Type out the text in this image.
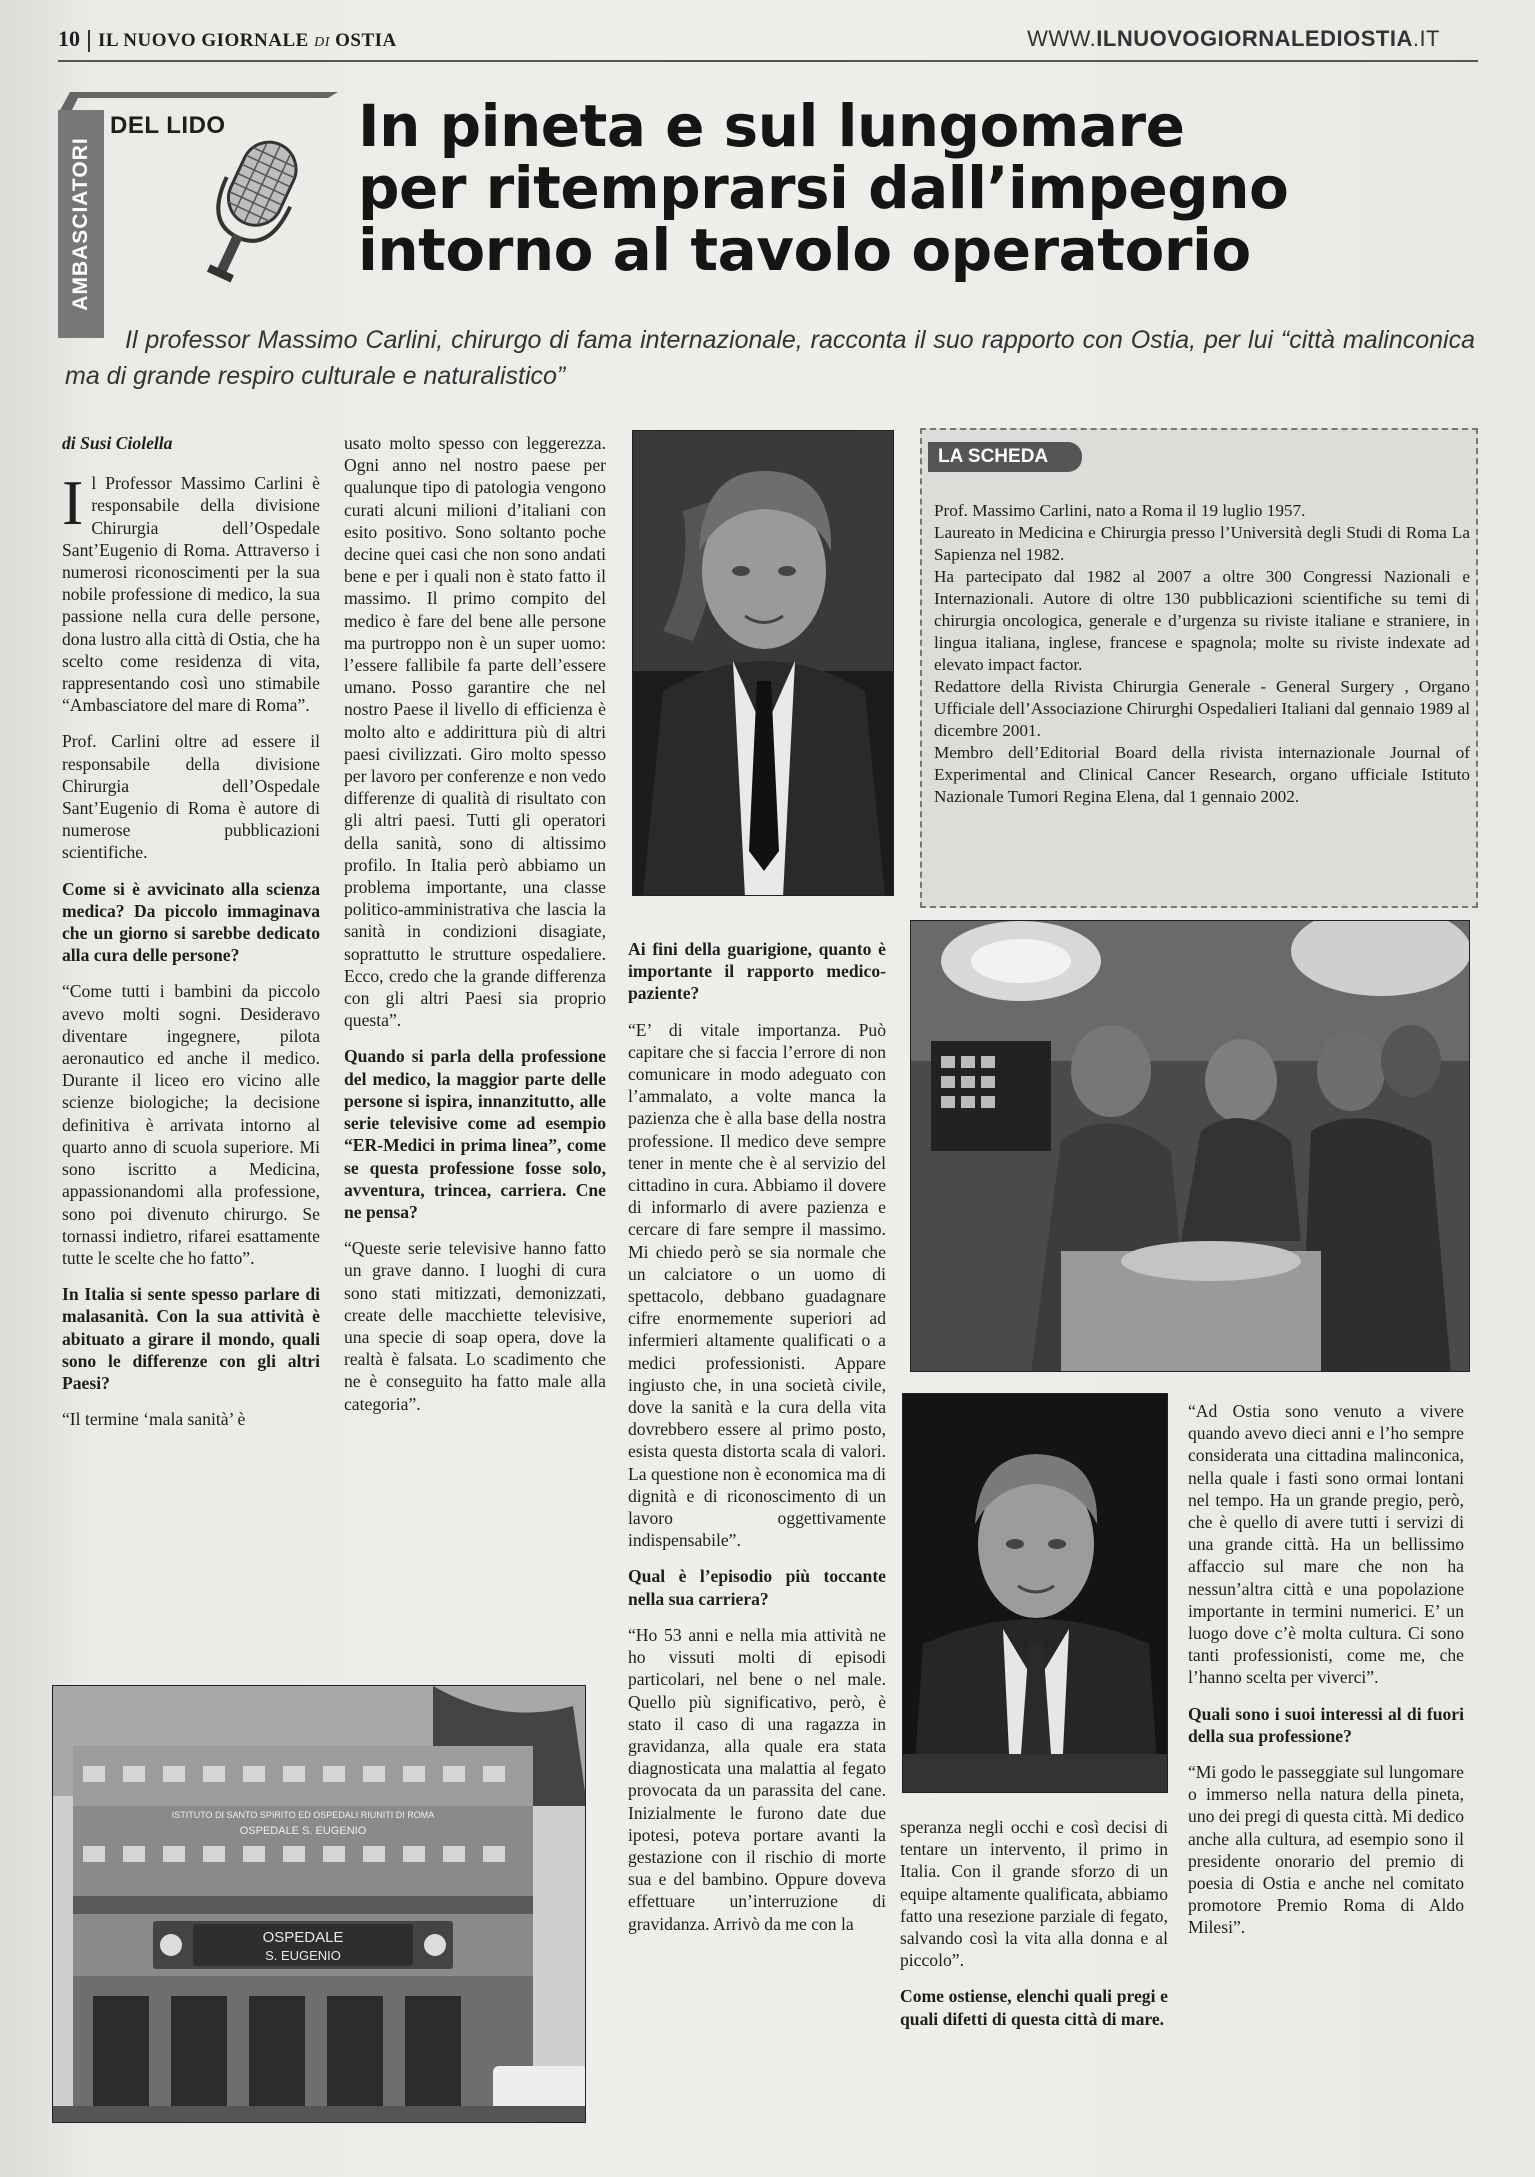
10 IL NUOVO GIORNALE DI OSTIA	WWW.ILNUOVOGIORNALEDIOSTIA.IT
AMBASCIATORI
DEL LIDO In pineta e sul lungomare
per ritemprarsi dall’impegno
intorno al tavolo operatorio
Il professor Massimo Carlini, chirurgo di fama internazionale, racconta il suo rapporto con Ostia, per lui “città malinconica ma di grande respiro culturale e naturalistico”
di Susi Ciolella

Il Professor Massimo Carlini è responsabile della divisione Chirurgia dell’Ospedale Sant’Eugenio di Roma. Attraverso i numerosi riconoscimenti per la sua nobile professione di medico, la sua passione nella cura delle persone, dona lustro alla città di Ostia, che ha scelto come residenza di vita, rappresentando così uno stimabile “Ambasciatore del mare di Roma”.

Prof. Carlini oltre ad essere il responsabile della divisione Chirurgia dell’Ospedale Sant’Eugenio di Roma è autore di numerose pubblicazioni scientifiche.

Come si è avvicinato alla scienza medica? Da piccolo immaginava che un giorno si sarebbe dedicato alla cura delle persone?

“Come tutti i bambini da piccolo avevo molti sogni. Desideravo diventare ingegnere, pilota aeronautico ed anche il medico. Durante il liceo ero vicino alle scienze biologiche; la decisione definitiva è arrivata intorno al quarto anno di scuola superiore. Mi sono iscritto a Medicina, appassionandomi alla professione, sono poi divenuto chirurgo. Se tornassi indietro, rifarei esattamente tutte le scelte che ho fatto”.

In Italia si sente spesso parlare di malasanità. Con la sua attività è abituato a girare il mondo, quali sono le differenze con gli altri Paesi?

“Il termine ‘mala sanità’ è

usato molto spesso con leggerezza. Ogni anno nel nostro paese per qualunque tipo di patologia vengono curati alcuni milioni d’italiani con esito positivo. Sono soltanto poche decine quei casi che non sono andati bene e per i quali non è stato fatto il massimo. Il primo compito del medico è fare del bene alle persone ma purtroppo non è un super uomo: l’essere fallibile fa parte dell’essere umano. Posso garantire che nel nostro Paese il livello di efficienza è molto alto e addirittura più di altri paesi civilizzati. Giro molto spesso per lavoro per conferenze e non vedo differenze di qualità di risultato con gli altri paesi. Tutti gli operatori della sanità, sono di altissimo profilo. In Italia però abbiamo un problema importante, una classe politico-amministrativa che lascia la sanità in condizioni disagiate, soprattutto le strutture ospedaliere. Ecco, credo che la grande differenza con gli altri Paesi sia proprio questa”.

Quando si parla della professione del medico, la maggior parte delle persone si ispira, innanzitutto, alle serie televisive come ad esempio “ER-Medici in prima linea”, come se questa professione fosse solo, avventura, trincea, carriera. Cne ne pensa?

“Queste serie televisive hanno fatto un grave danno. I luoghi di cura sono stati mitizzati, demonizzati, create delle macchiette televisive, una specie di soap opera, dove la realtà è falsata. Lo scadimento che ne è conseguito ha fatto male alla categoria”.

LA SCHEDA
Prof. Massimo Carlini, nato a Roma il 19 luglio 1957.
Laureato in Medicina e Chirurgia presso l’Università degli Studi di Roma La Sapienza nel 1982.
Ha partecipato dal 1982 al 2007 a oltre 300 Congressi Nazionali e Internazionali. Autore di oltre 130 pubblicazioni scientifiche su temi di chirurgia oncologica, generale e d’urgenza su riviste italiane e straniere, in lingua italiana, inglese, francese e spagnola; molte su riviste indexate ad elevato impact factor.
Redattore della Rivista Chirurgia Generale - General Surgery , Organo Ufficiale dell’Associazione Chirurghi Ospedalieri Italiani dal gennaio 1989 al dicembre 2001.
Membro dell’Editorial Board della rivista internazionale Journal of Experimental and Clinical Cancer Research, organo ufficiale Istituto Nazionale Tumori Regina Elena, dal 1 gennaio 2002.

Ai fini della guarigione, quanto è importante il rapporto medico-paziente?

“E’ di vitale importanza. Può capitare che si faccia l’errore di non comunicare in modo adeguato con l’ammalato, a volte manca la pazienza che è alla base della nostra professione. Il medico deve sempre tener in mente che è al servizio del cittadino in cura. Abbiamo il dovere di informarlo di avere pazienza e cercare di fare sempre il massimo. Mi chiedo però se sia normale che un calciatore o un uomo di spettacolo, debbano guadagnare cifre enormemente superiori ad infermieri altamente qualificati o a medici professionisti. Appare ingiusto che, in una società civile, dove la sanità e la cura della vita dovrebbero essere al primo posto, esista questa distorta scala di valori. La questione non è economica ma di dignità e di riconoscimento di un lavoro oggettivamente indispensabile”.

Qual è l’episodio più toccante nella sua carriera?

“Ho 53 anni e nella mia attività ne ho vissuti molti di episodi particolari, nel bene o nel male. Quello più significativo, però, è stato il caso di una ragazza in gravidanza, alla quale era stata diagnosticata una malattia al fegato provocata da un parassita del cane. Inizialmente le furono date due ipotesi, poteva portare avanti la gestazione con il rischio di morte sua e del bambino. Oppure doveva effettuare un’interruzione di gravidanza. Arrivò da me con la

speranza negli occhi e così decisi di tentare un intervento, il primo in Italia. Con il grande sforzo di un equipe altamente qualificata, abbiamo fatto una resezione parziale di fegato, salvando così la vita alla donna e al piccolo”.

Come ostiense, elenchi quali pregi e quali difetti di questa città di mare.

“Ad Ostia sono venuto a vivere quando avevo dieci anni e l’ho sempre considerata una cittadina malinconica, nella quale i fasti sono ormai lontani nel tempo. Ha un grande pregio, però, che è quello di avere tutti i servizi di una grande città. Ha un bellissimo affaccio sul mare che non ha nessun’altra città e una popolazione importante in termini numerici. E’ un luogo dove c’è molta cultura. Ci sono tanti professionisti, come me, che l’hanno scelta per viverci”.

Quali sono i suoi interessi al di fuori della sua professione?

“Mi godo le passeggiate sul lungomare o immerso nella natura della pineta, uno dei pregi di questa città. Mi dedico anche alla cultura, ad esempio sono il presidente onorario del premio di poesia di Ostia e anche nel comitato promotore Premio Roma di Aldo Milesi”.

ISTITUTO DI SANTO SPIRITO ED OSPEDALI RIUNITI DI ROMA
OSPEDALE S. EUGENIO
OSPEDALE
S. EUGENIO
